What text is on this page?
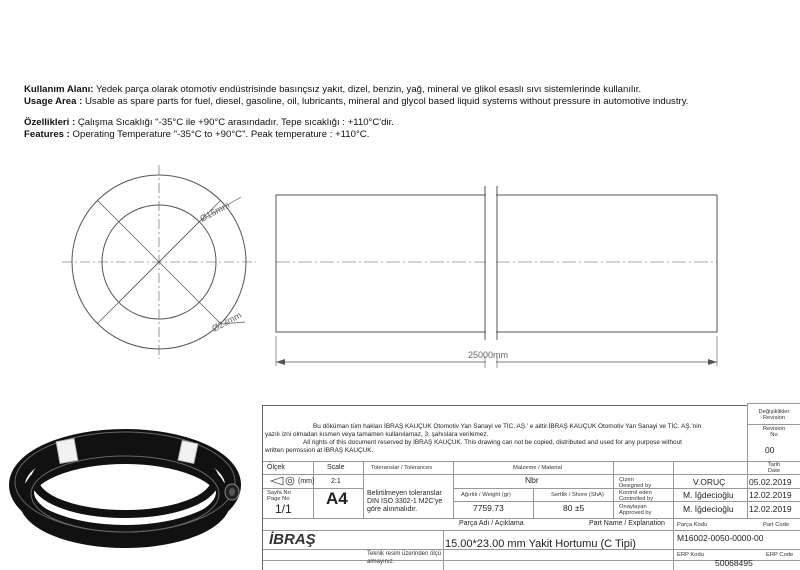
Kullanım Alanı: Yedek parça olarak otomotiv endüstrisinde basınçsız yakıt, dizel, benzin, yağ, mineral ve glikol esaslı sıvı sistemlerinde kullanılır.
Usage Area : Usable as spare parts for fuel, diesel, gasoline, oil, lubricants, mineral and glycol based liquid systems without pressure in automotive industry.
Özellikleri : Çalışma Sıcaklığı "-35°C ile +90°C arasındadır. Tepe sıcaklığı : +110°C'dir.
Features : Operating Temperature "-35°C to +90°C". Peak temperature : +110°C.
Ø15mm
Ø23mm
25000mm
Bu döküman tüm hakları İBRAŞ KAUÇUK Otomotiv Yan Sanayi ve TİC. AŞ.' e aittir.İBRAŞ KAUÇUK Otomotiv Yan Sanayi ve TİC. AŞ.'nin
yazılı izni olmadan kısmen veya tamamen kullanılamaz, 3. şahıslara verilemez.
All rights of this document reserved by İBRAŞ KAUÇUK. This drawing can not be copied, distributed and used for any purpose without
written permssion at İBRAŞ KAUÇUK.
Değişiklikler
Revision
Revision
No
00
Tarih
Date
Ölçek	Scale
(mm) 2:1
Sayfa No
Page No
1/1
A4
Toleranslar / Tolerances
Belirtilmeyen toleranslar
DIN ISO 3302-1 M2C'ye
göre alınmalıdır.
Malzeme / Material
Nbr
Ağırlık / Weight (gr)
7759.73
Sertlik / Shore (ShA)
80 ±5
Çizen
Designed by	V.ORUÇ	05.02.2019
Kontrol eden
Controlled by	M. İğdecioğlu 12.02.2019
Onaylayan
Approved by	M. İğdecioğlu 12.02.2019
Parça Adı / Açıklama	Part Name / Explanation
15.00*23.00 mm Yakit Hortumu (C Tipi)
Parça Kodu	Part Code
M16002-0050-0000-00
ERP Kodu	ERP Code
50068495
İBRAŞ
Teknik resim üzerinden ölçü
almayınız.
